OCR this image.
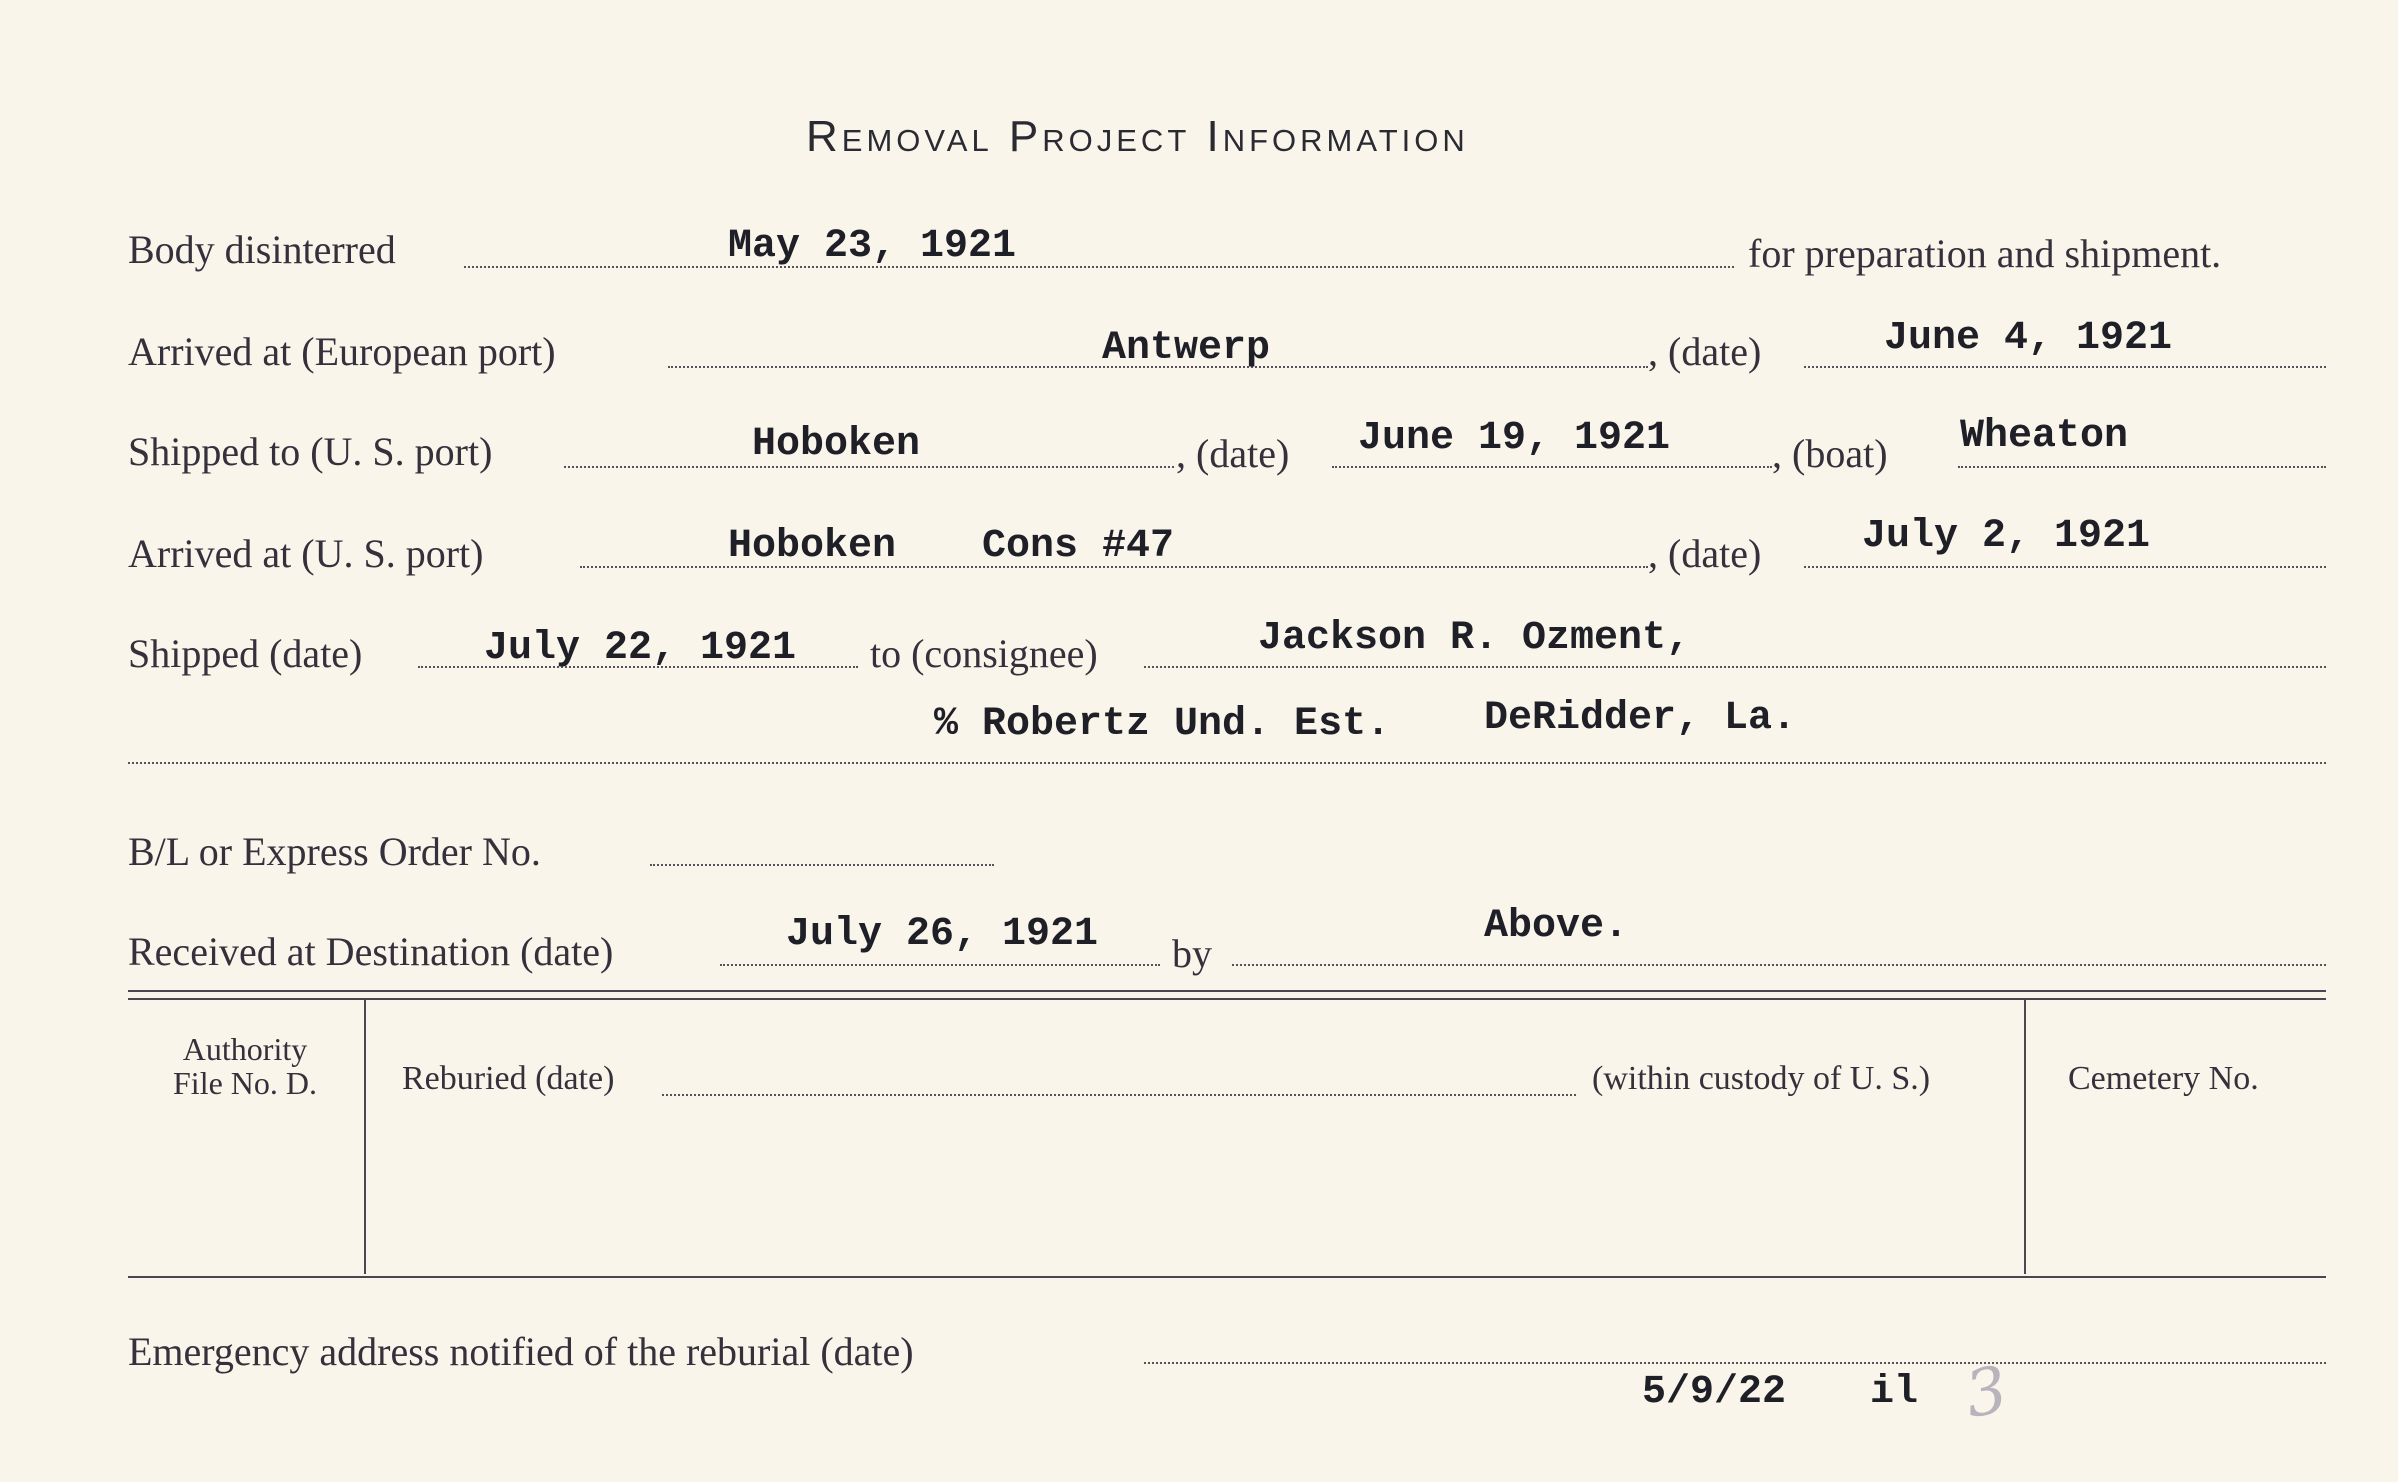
Removal Project Information
Body disinterred	May 23, 1921	for preparation and shipment.
Arrived at (European port)	Antwerp	, (date)	June 4, 1921
Shipped to (U. S. port)	Hoboken	, (date) June 19, 1921	, (boat) Wheaton
Arrived at (U. S. port)	Hoboken Cons #47	, (date)	July 2, 1921
Shipped (date)	July 22, 1921 to (consignee)	Jackson R. Ozment,
% Robertz Und. Est. DeRidder, La.
B/L or Express Order No.
Received at Destination (date)	July 26, 1921 by
Above.
Authority
File No. D.	Reburied (date)	(within custody of U. S.)	Cemetery No.
Emergency address notified of the reburial (date)
5/9/22 il 3
